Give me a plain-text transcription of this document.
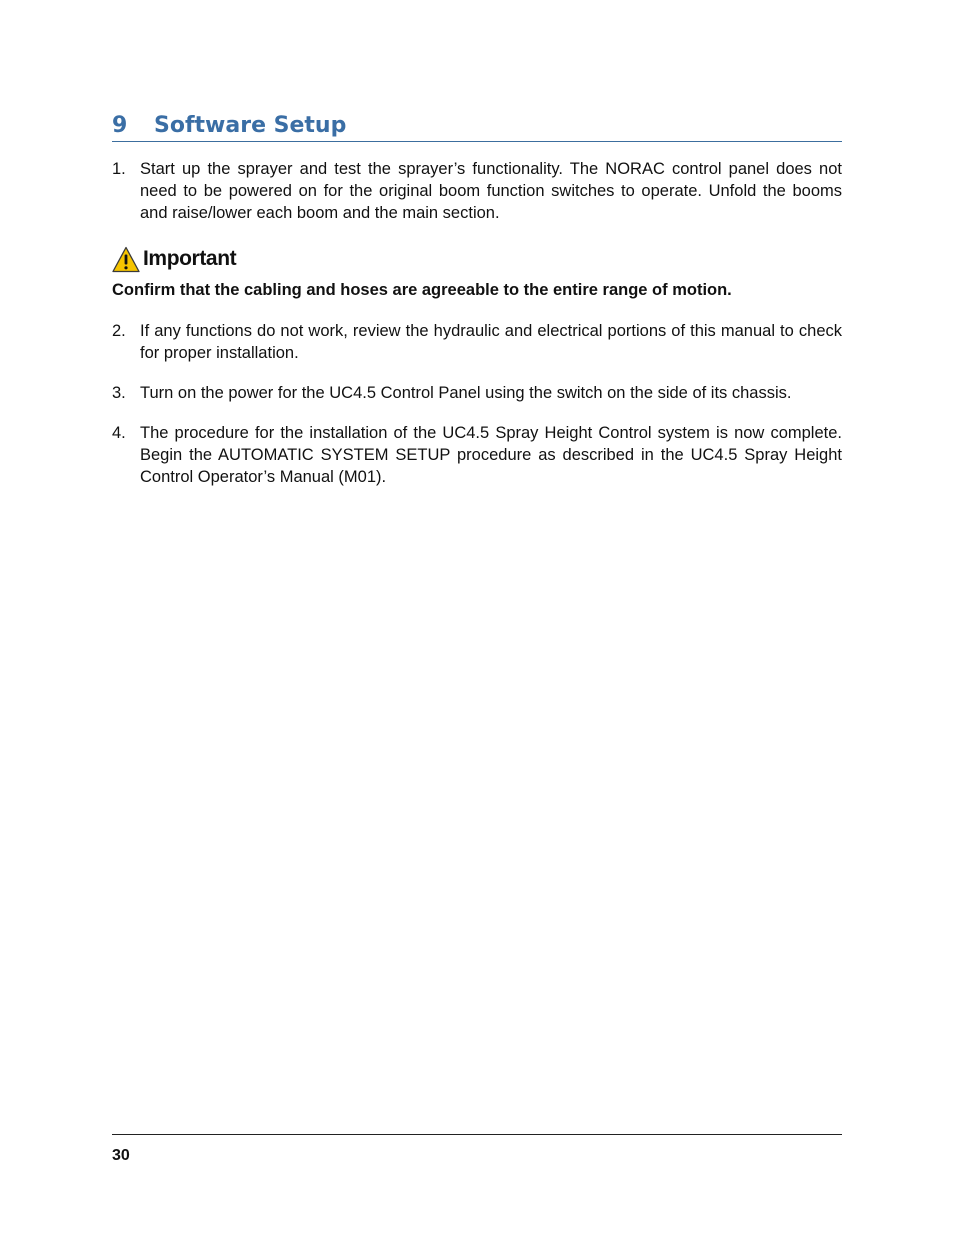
9 Software Setup
1. Start up the sprayer and test the sprayer’s functionality. The NORAC control panel does not need to be powered on for the original boom function switches to operate. Unfold the booms and raise/lower each boom and the main section.
Important
Confirm that the cabling and hoses are agreeable to the entire range of motion.
2. If any functions do not work, review the hydraulic and electrical portions of this manual to check for proper installation.
3. Turn on the power for the UC4.5 Control Panel using the switch on the side of its chassis.
4. The procedure for the installation of the UC4.5 Spray Height Control system is now complete. Begin the AUTOMATIC SYSTEM SETUP procedure as described in the UC4.5 Spray Height Control Operator’s Manual (M01).
30
